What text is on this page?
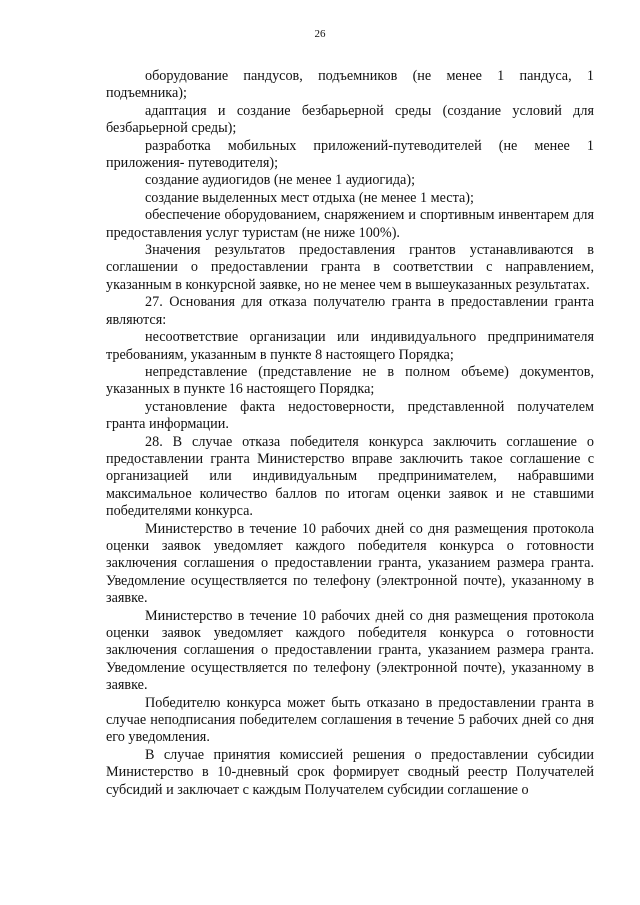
26

оборудование пандусов, подъемников (не менее 1 пандуса, 1 подъемника);

адаптация и создание безбарьерной среды (создание условий для безбарьерной среды);

разработка мобильных приложений-путеводителей (не менее 1 приложения- путеводителя);

создание аудиогидов (не менее 1 аудиогида);

создание выделенных мест отдыха (не менее 1 места);

обеспечение оборудованием, снаряжением и спортивным инвентарем для предоставления услуг туристам (не ниже 100%).

Значения результатов предоставления грантов устанавливаются в соглашении о предоставлении гранта в соответствии с направлением, указанным в конкурсной заявке, но не менее чем в вышеуказанных результатах.

27. Основания для отказа получателю гранта в предоставлении гранта являются:

несоответствие организации или индивидуального предпринимателя требованиям, указанным в пункте 8 настоящего Порядка;

непредставление (представление не в полном объеме) документов, указанных в пункте 16 настоящего Порядка;

установление факта недостоверности, представленной получателем гранта информации.

28. В случае отказа победителя конкурса заключить соглашение о предоставлении гранта Министерство вправе заключить такое соглашение с организацией или индивидуальным предпринимателем, набравшими максимальное количество баллов по итогам оценки заявок и не ставшими победителями конкурса.

Министерство в течение 10 рабочих дней со дня размещения протокола оценки заявок уведомляет каждого победителя конкурса о готовности заключения соглашения о предоставлении гранта, указанием размера гранта. Уведомление осуществляется по телефону (электронной почте), указанному в заявке.

Министерство в течение 10 рабочих дней со дня размещения протокола оценки заявок уведомляет каждого победителя конкурса о готовности заключения соглашения о предоставлении гранта, указанием размера гранта. Уведомление осуществляется по телефону (электронной почте), указанному в заявке.

Победителю конкурса может быть отказано в предоставлении гранта в случае неподписания победителем соглашения в течение 5 рабочих дней со дня его уведомления.

В случае принятия комиссией решения о предоставлении субсидии Министерство в 10-дневный срок формирует сводный реестр Получателей субсидий и заключает с каждым Получателем субсидии соглашение о
